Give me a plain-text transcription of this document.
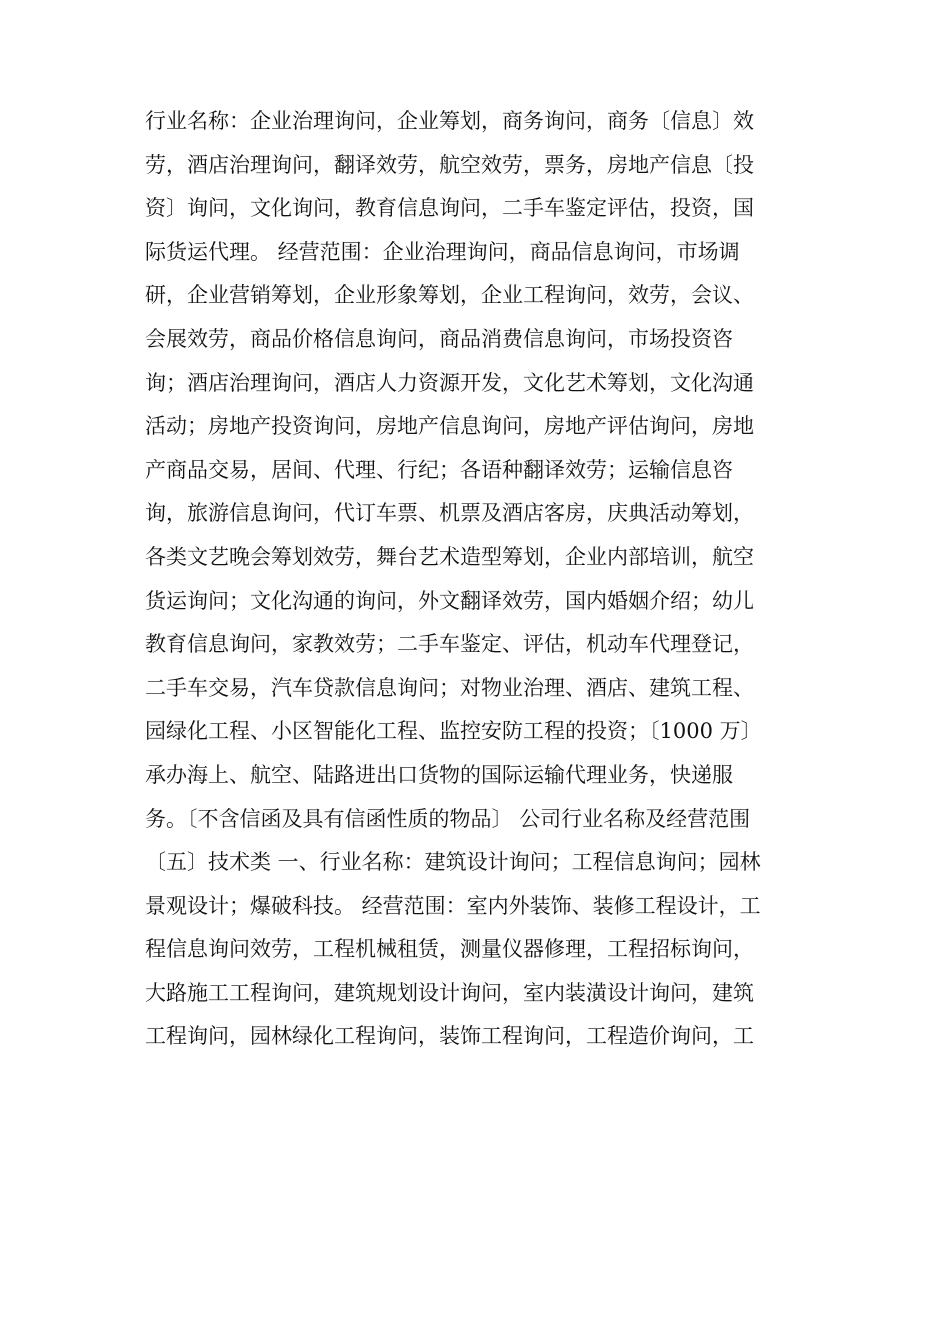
行业名称：企业治理询问，企业筹划，商务询问，商务〔信息〕效
劳，酒店治理询问，翻译效劳，航空效劳，票务，房地产信息〔投
资〕询问，文化询问，教育信息询问，二手车鉴定评估，投资，国
际货运代理。 经营范围：企业治理询问，商品信息询问，市场调
研，企业营销筹划，企业形象筹划，企业工程询问，效劳，会议、
会展效劳，商品价格信息询问，商品消费信息询问，市场投资咨
询；酒店治理询问，酒店人力资源开发，文化艺术筹划，文化沟通
活动；房地产投资询问，房地产信息询问，房地产评估询问，房地
产商品交易，居间、代理、行纪；各语种翻译效劳；运输信息咨
询，旅游信息询问，代订车票、机票及酒店客房，庆典活动筹划，
各类文艺晚会筹划效劳，舞台艺术造型筹划，企业内部培训，航空
货运询问；文化沟通的询问，外文翻译效劳，国内婚姻介绍；幼儿
教育信息询问，家教效劳；二手车鉴定、评估，机动车代理登记，
二手车交易，汽车贷款信息询问；对物业治理、酒店、建筑工程、
园绿化工程、小区智能化工程、监控安防工程的投资；〔1000 万〕
承办海上、航空、陆路进出口货物的国际运输代理业务，快递服
务。〔不含信函及具有信函性质的物品〕 公司行业名称及经营范围
〔五〕技术类 一、行业名称：建筑设计询问；工程信息询问；园林
景观设计；爆破科技。 经营范围：室内外装饰、装修工程设计，工
程信息询问效劳，工程机械租赁，测量仪器修理，工程招标询问，
大路施工工程询问，建筑规划设计询问，室内装潢设计询问，建筑
工程询问，园林绿化工程询问，装饰工程询问，工程造价询问，工
